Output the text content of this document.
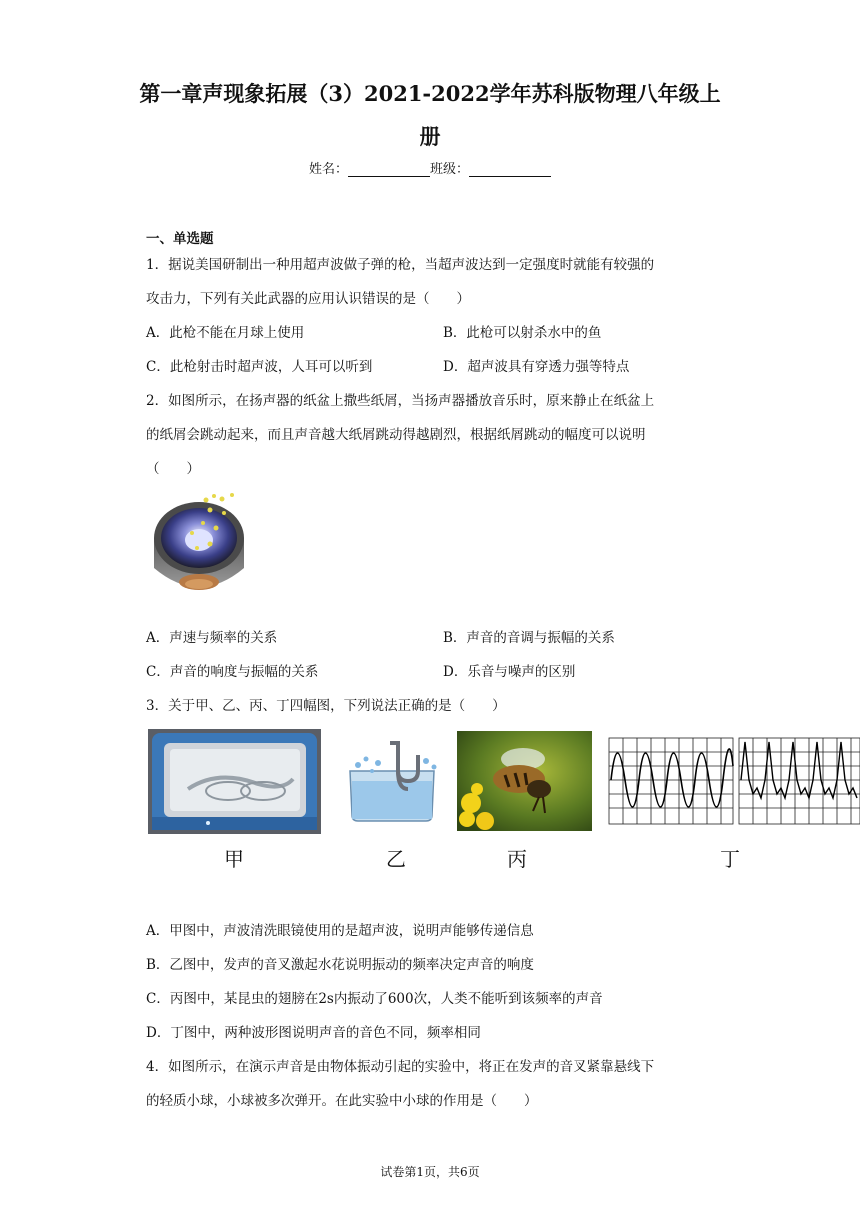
第一章声现象拓展（3）2021-2022学年苏科版物理八年级上
册
姓名：	班级：
一、单选题
1．据说美国研制出一种用超声波做子弹的枪，当超声波达到一定强度时就能有较强的
攻击力，下列有关此武器的应用认识错误的是（　　）
A．此枪不能在月球上使用	B．此枪可以射杀水中的鱼
C．此枪射击时超声波，人耳可以听到	D．超声波具有穿透力强等特点
2．如图所示，在扬声器的纸盆上撒些纸屑，当扬声器播放音乐时，原来静止在纸盆上
的纸屑会跳动起来，而且声音越大纸屑跳动得越剧烈，根据纸屑跳动的幅度可以说明
（　　）
A．声速与频率的关系	B．声音的音调与振幅的关系
C．声音的响度与振幅的关系	D．乐音与噪声的区别
3．关于甲、乙、丙、丁四幅图，下列说法正确的是（　　）
甲	乙	丙	丁
A．甲图中，声波清洗眼镜使用的是超声波，说明声能够传递信息
B．乙图中，发声的音叉激起水花说明振动的频率决定声音的响度
C．丙图中，某昆虫的翅膀在2s内振动了600次，人类不能听到该频率的声音
D．丁图中，两种波形图说明声音的音色不同，频率相同
4．如图所示，在演示声音是由物体振动引起的实验中，将正在发声的音叉紧靠悬线下
的轻质小球，小球被多次弹开。在此实验中小球的作用是（　　）
试卷第1页，共6页
